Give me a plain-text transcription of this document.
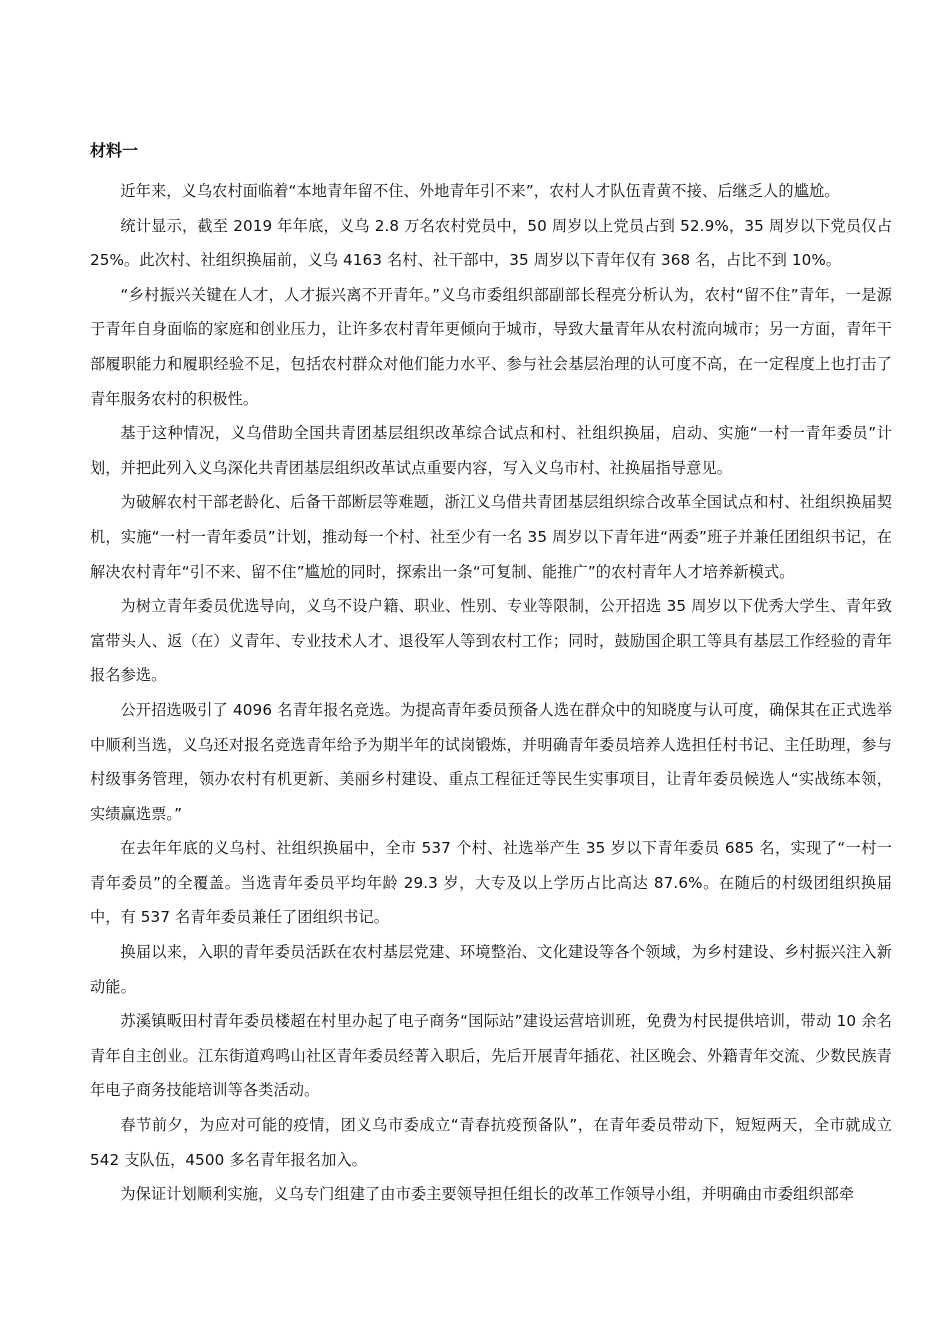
材料一

近年来，义乌农村面临着“本地青年留不住、外地青年引不来”，农村人才队伍青黄不接、后继乏人的尴尬。

统计显示，截至 2019 年年底，义乌 2.8 万名农村党员中，50 周岁以上党员占到 52.9%，35 周岁以下党员仅占 25%。此次村、社组织换届前，义乌 4163 名村、社干部中，35 周岁以下青年仅有 368 名，占比不到 10%。

“乡村振兴关键在人才，人才振兴离不开青年。”义乌市委组织部副部长程亮分析认为，农村“留不住”青年，一是源于青年自身面临的家庭和创业压力，让许多农村青年更倾向于城市，导致大量青年从农村流向城市；另一方面，青年干部履职能力和履职经验不足，包括农村群众对他们能力水平、参与社会基层治理的认可度不高，在一定程度上也打击了青年服务农村的积极性。

基于这种情况，义乌借助全国共青团基层组织改革综合试点和村、社组织换届，启动、实施“一村一青年委员”计划，并把此列入义乌深化共青团基层组织改革试点重要内容，写入义乌市村、社换届指导意见。

为破解农村干部老龄化、后备干部断层等难题，浙江义乌借共青团基层组织综合改革全国试点和村、社组织换届契机，实施“一村一青年委员”计划，推动每一个村、社至少有一名 35 周岁以下青年进“两委”班子并兼任团组织书记，在解决农村青年“引不来、留不住”尴尬的同时，探索出一条“可复制、能推广”的农村青年人才培养新模式。

为树立青年委员优选导向，义乌不设户籍、职业、性别、专业等限制，公开招选 35 周岁以下优秀大学生、青年致富带头人、返（在）义青年、专业技术人才、退役军人等到农村工作；同时，鼓励国企职工等具有基层工作经验的青年报名参选。

公开招选吸引了 4096 名青年报名竞选。为提高青年委员预备人选在群众中的知晓度与认可度，确保其在正式选举中顺利当选，义乌还对报名竞选青年给予为期半年的试岗锻炼，并明确青年委员培养人选担任村书记、主任助理，参与村级事务管理，领办农村有机更新、美丽乡村建设、重点工程征迁等民生实事项目，让青年委员候选人“实战练本领，实绩赢选票。”

在去年年底的义乌村、社组织换届中，全市 537 个村、社选举产生 35 岁以下青年委员 685 名，实现了“一村一青年委员”的全覆盖。当选青年委员平均年龄 29.3 岁，大专及以上学历占比高达 87.6%。在随后的村级团组织换届中，有 537 名青年委员兼任了团组织书记。

换届以来，入职的青年委员活跃在农村基层党建、环境整治、文化建设等各个领域，为乡村建设、乡村振兴注入新动能。

苏溪镇畈田村青年委员楼超在村里办起了电子商务“国际站”建设运营培训班，免费为村民提供培训，带动 10 余名青年自主创业。江东街道鸡鸣山社区青年委员经菁入职后，先后开展青年插花、社区晚会、外籍青年交流、少数民族青年电子商务技能培训等各类活动。

春节前夕，为应对可能的疫情，团义乌市委成立“青春抗疫预备队”，在青年委员带动下，短短两天，全市就成立 542 支队伍，4500 多名青年报名加入。

为保证计划顺利实施，义乌专门组建了由市委主要领导担任组长的改革工作领导小组，并明确由市委组织部牵
